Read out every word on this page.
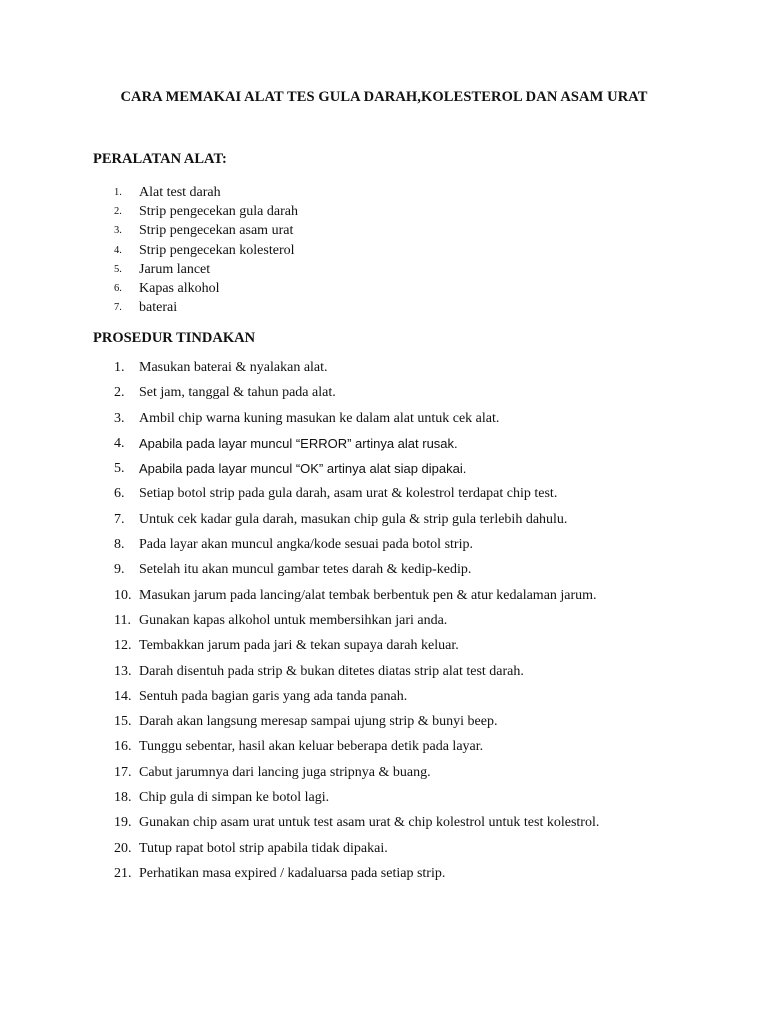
CARA MEMAKAI ALAT TES GULA DARAH,KOLESTEROL DAN ASAM URAT
PERALATAN ALAT:
1. Alat test darah
2. Strip pengecekan gula darah
3. Strip pengecekan asam urat
4. Strip pengecekan kolesterol
5. Jarum lancet
6. Kapas alkohol
7. baterai
PROSEDUR TINDAKAN
1. Masukan baterai & nyalakan alat.
2. Set jam, tanggal & tahun pada alat.
3. Ambil chip warna kuning masukan ke dalam alat untuk cek alat.
4. Apabila pada layar muncul “ERROR” artinya alat rusak.
5. Apabila pada layar muncul “OK” artinya alat siap dipakai.
6. Setiap botol strip pada gula darah, asam urat & kolestrol terdapat chip test.
7. Untuk cek kadar gula darah, masukan chip gula & strip gula terlebih dahulu.
8. Pada layar akan muncul angka/kode sesuai pada botol strip.
9. Setelah itu akan muncul gambar tetes darah & kedip-kedip.
10. Masukan jarum pada lancing/alat tembak berbentuk pen & atur kedalaman jarum.
11. Gunakan kapas alkohol untuk membersihkan jari anda.
12. Tembakkan jarum pada jari & tekan supaya darah keluar.
13. Darah disentuh pada strip & bukan ditetes diatas strip alat test darah.
14. Sentuh pada bagian garis yang ada tanda panah.
15. Darah akan langsung meresap sampai ujung strip & bunyi beep.
16. Tunggu sebentar, hasil akan keluar beberapa detik pada layar.
17. Cabut jarumnya dari lancing juga stripnya & buang.
18. Chip gula di simpan ke botol lagi.
19. Gunakan chip asam urat untuk test asam urat & chip kolestrol untuk test kolestrol.
20. Tutup rapat botol strip apabila tidak dipakai.
21. Perhatikan masa expired / kadaluarsa pada setiap strip.
